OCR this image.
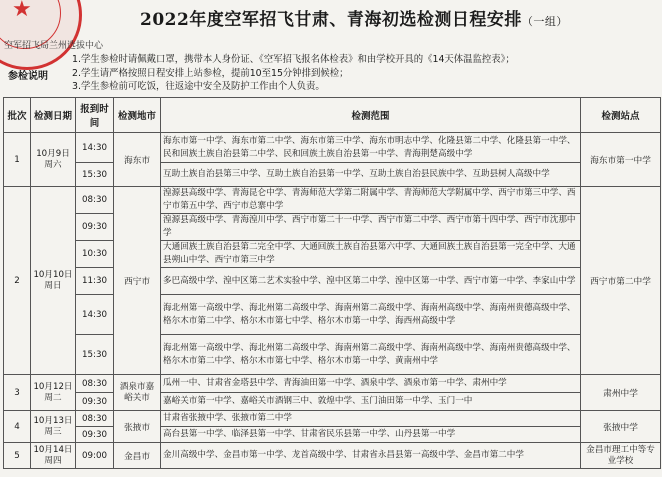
★	2022年度空军招飞甘肃、青海初选检测日程安排（一组）
空军招飞局兰州选拔中心
参检说明
1.学生参检时请佩戴口罩，携带本人身份证、《空军招飞报名体检表》和由学校开具的《14天体温监控表》；
2.学生请严格按照日程安排上站参检，提前10至15分钟排到候检；
3.学生参检前可吃饭，往返途中安全及防护工作由个人负责。
批次	检测日期	报到时间	检测地市	检测范围	检测站点
1	10月9日
周六	14:30	海东市	海东市第一中学、海东市第二中学、海东市第三中学、海东市明志中学、化隆县第二中学、化隆县第一中学、民和回族土族自治县第二中学、民和回族土族自治县第一中学、青海荆楚高级中学	海东市第一中学
		15:30		互助土族自治县第三中学、互助土族自治县第一中学、互助土族自治县民族中学、互助县树人高级中学	
2	10月10日
周日	08:30	西宁市	湟源县高级中学、青海昆仑中学、青海师范大学第二附属中学、青海师范大学附属中学、西宁市第三中学、西宁市第五中学、西宁市总寨中学	西宁市第二中学
		09:30		湟源县高级中学、青海湟川中学、西宁市第二十一中学、西宁市第二中学、西宁市第十四中学、西宁市沈那中学	
		10:30		大通回族土族自治县第二完全中学、大通回族土族自治县第六中学、大通回族土族自治县第一完全中学、大通县朔山中学、西宁市第三中学	
		11:30		多巴高级中学、湟中区第二艺术实验中学、湟中区第二中学、湟中区第一中学、西宁市第一中学、李家山中学	
		14:30		海北州第一高级中学、海北州第二高级中学、海南州第二高级中学、海南州高级中学、海南州贵德高级中学、格尔木市第二中学、格尔木市第七中学、格尔木市第一中学、海西州高级中学	
		15:30		海北州第一高级中学、海北州第二高级中学、海南州第二高级中学、海南州高级中学、海南州贵德高级中学、格尔木市第二中学、格尔木市第七中学、格尔木市第一中学、黄南州中学	
3	10月12日
周二	08:30	酒泉市嘉峪关市	瓜州一中、甘肃省金塔县中学、青海油田第一中学、酒泉中学、酒泉市第一中学、肃州中学	肃州中学
		09:30		嘉峪关市第一中学、嘉峪关市酒钢三中、敦煌中学、玉门油田第一中学、玉门一中	
4	10月13日
周三	08:30	张掖市	甘肃省张掖中学、张掖市第二中学	张掖中学
		09:30		高台县第一中学、临泽县第一中学、甘肃省民乐县第一中学、山丹县第一中学	
5	10月14日
周四	09:00	金昌市	金川高级中学、金昌市第一中学、龙首高级中学、甘肃省永昌县第一高级中学、金昌市第二中学	金昌市理工中等专业学校
